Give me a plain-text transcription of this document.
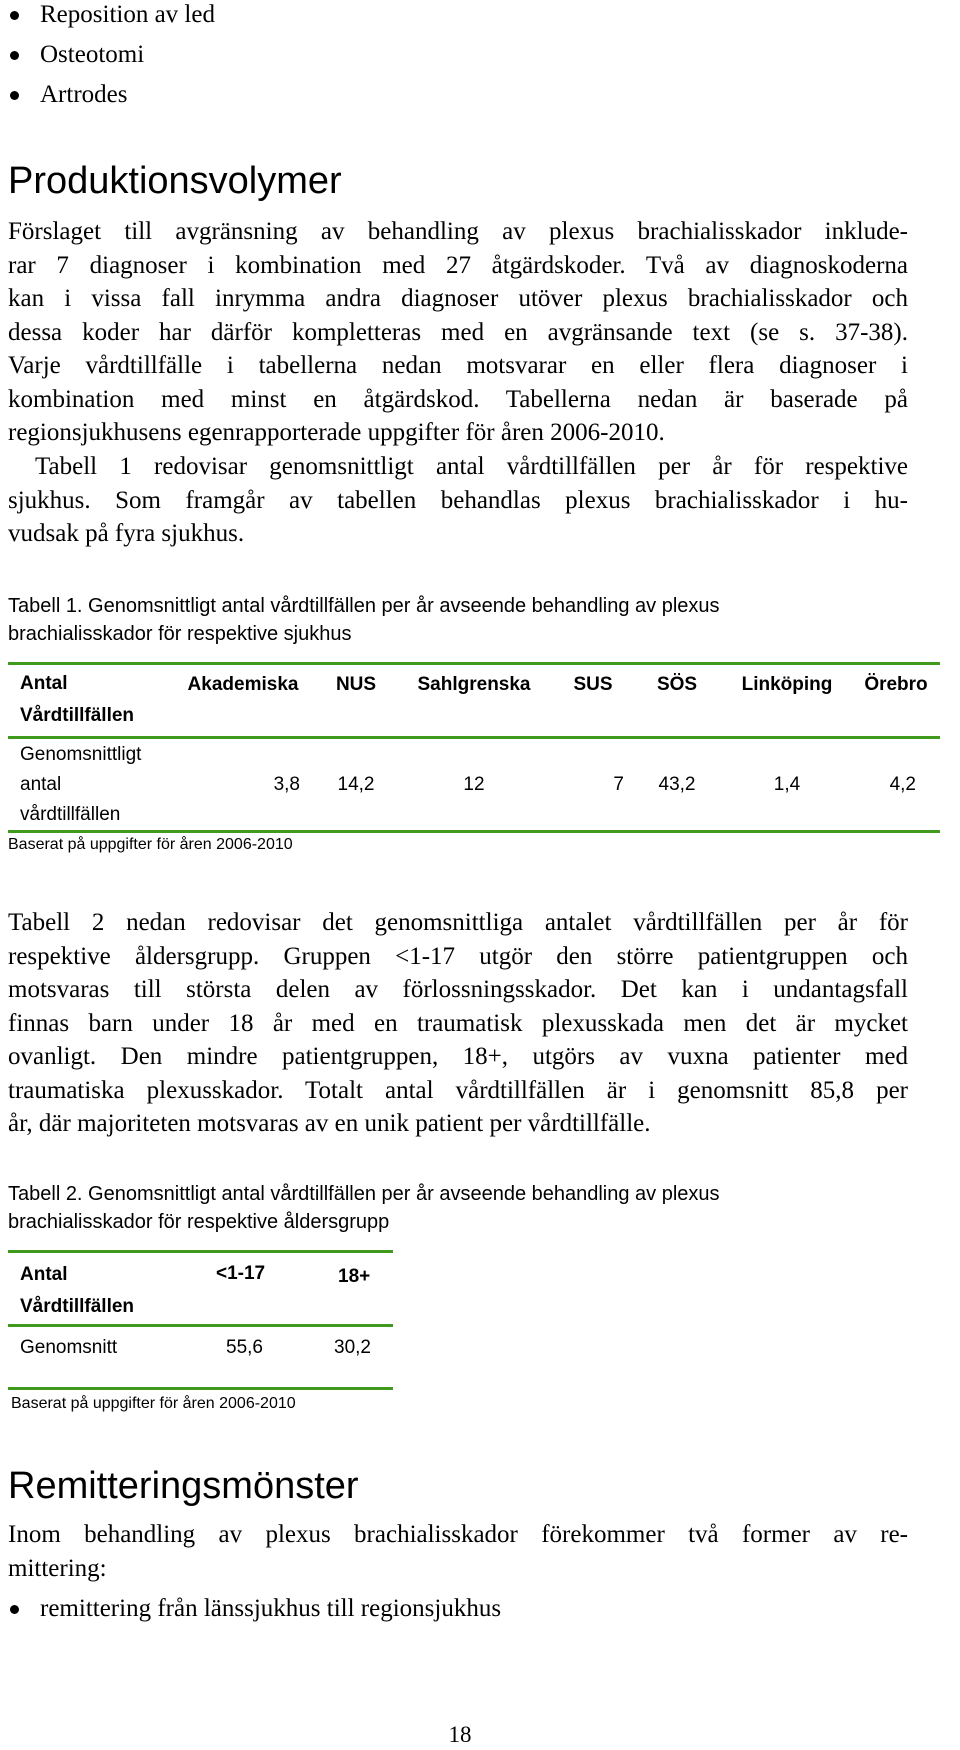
Reposition av led
Osteotomi
Artrodes
Produktionsvolymer
Förslaget till avgränsning av behandling av plexus brachialisskador inklude-
rar 7 diagnoser i kombination med 27 åtgärdskoder. Två av diagnoskoderna
kan i vissa fall inrymma andra diagnoser utöver plexus brachialisskador och
dessa koder har därför kompletteras med en avgränsande text (se s. 37-38).
Varje vårdtillfälle i tabellerna nedan motsvarar en eller flera diagnoser i
kombination med minst en åtgärdskod. Tabellerna nedan är baserade på
regionsjukhusens egenrapporterade uppgifter för åren 2006-2010.
Tabell 1 redovisar genomsnittligt antal vårdtillfällen per år för respektive
sjukhus. Som framgår av tabellen behandlas plexus brachialisskador i hu-
vudsak på fyra sjukhus.
Tabell 1. Genomsnittligt antal vårdtillfällen per år avseende behandling av plexus
brachialisskador för respektive sjukhus
Antal
Vårdtillfällen	Akademiska	NUS	Sahlgrenska	SUS	SÖS	Linköping	Örebro

Genomsnittligt
antal
vårdtillfällen	3,8	14,2	12	7	43,2	1,4	4,2
Baserat på uppgifter för åren 2006-2010
Tabell 2 nedan redovisar det genomsnittliga antalet vårdtillfällen per år för
respektive åldersgrupp. Gruppen <1-17 utgör den större patientgruppen och
motsvaras till största delen av förlossningsskador. Det kan i undantagsfall
finnas barn under 18 år med en traumatisk plexusskada men det är mycket
ovanligt. Den mindre patientgruppen, 18+, utgörs av vuxna patienter med
traumatiska plexusskador. Totalt antal vårdtillfällen är i genomsnitt 85,8 per
år, där majoriteten motsvaras av en unik patient per vårdtillfälle.
Tabell 2. Genomsnittligt antal vårdtillfällen per år avseende behandling av plexus
brachialisskador för respektive åldersgrupp
Antal
Vårdtillfällen
<1-17	18+
Genomsnitt	55,6	30,2
Baserat på uppgifter för åren 2006-2010
Remitteringsmönster
Inom behandling av plexus brachialisskador förekommer två former av re-
mittering:
remittering från länssjukhus till regionsjukhus
18
